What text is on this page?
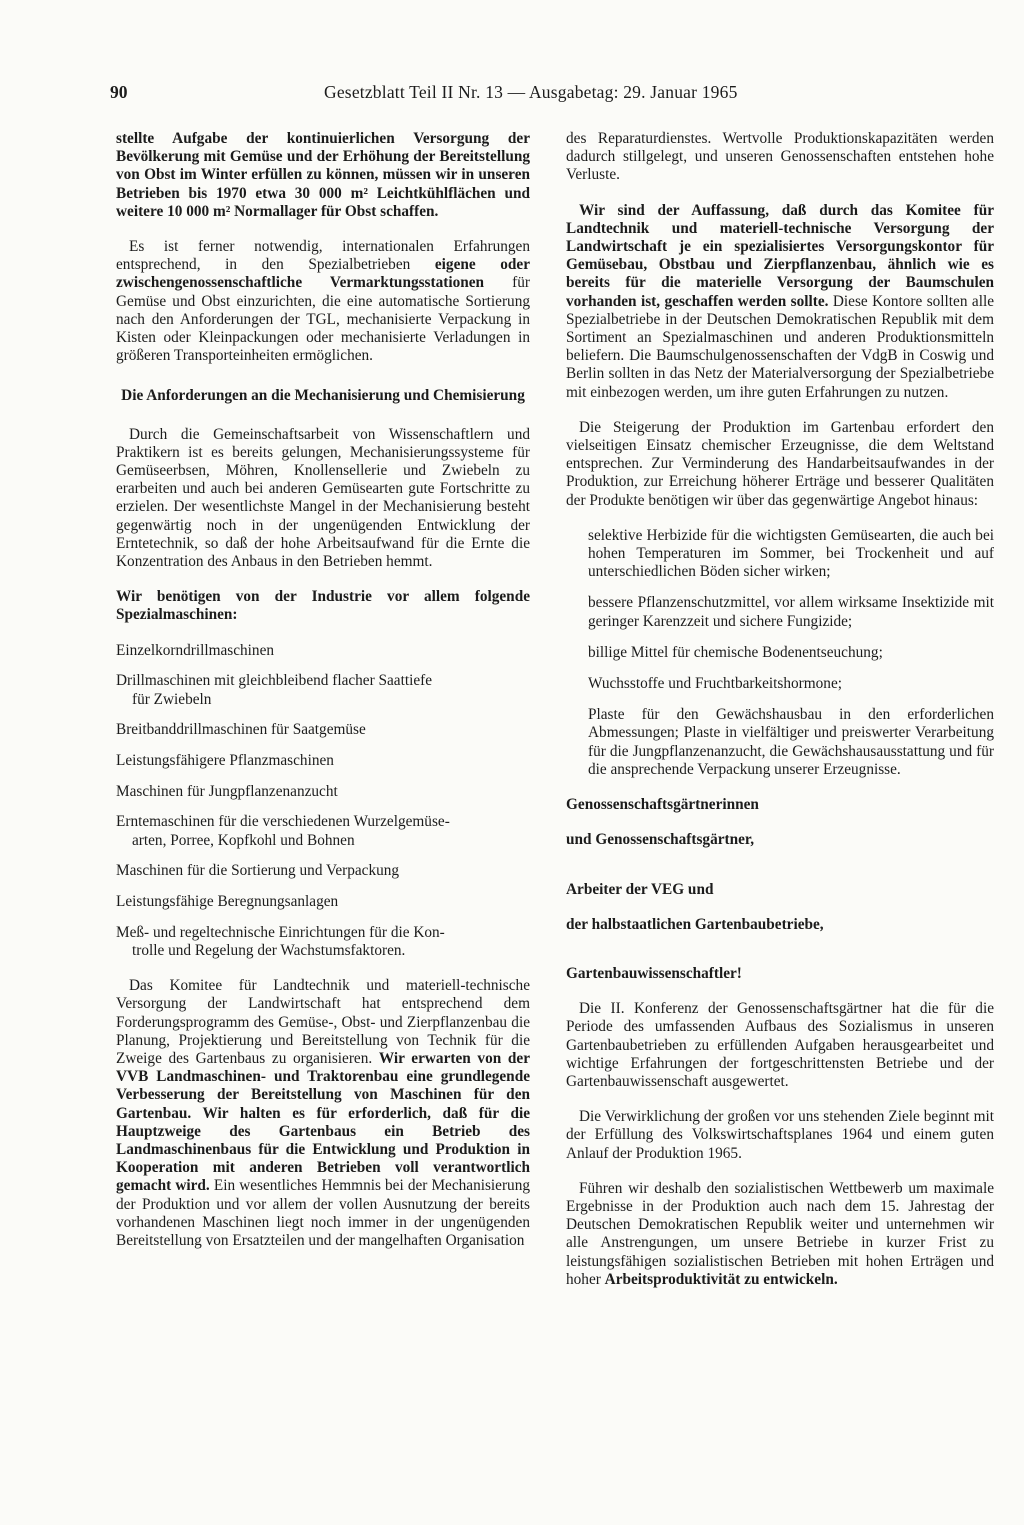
90	Gesetzblatt Teil II Nr. 13 — Ausgabetag: 29. Januar 1965

stellte Aufgabe der kontinuierlichen Versorgung der Bevölkerung mit Gemüse und der Erhöhung der Bereitstellung von Obst im Winter erfüllen zu können, müssen wir in unseren Betrieben bis 1970 etwa 30 000 m² Leichtkühlflächen und weitere 10 000 m² Normallager für Obst schaffen.

Es ist ferner notwendig, internationalen Erfahrungen entsprechend, in den Spezialbetrieben eigene oder zwischengenossenschaftliche Vermarktungsstationen für Gemüse und Obst einzurichten, die eine automatische Sortierung nach den Anforderungen der TGL, mechanisierte Verpackung in Kisten oder Kleinpackungen oder mechanisierte Verladungen in größeren Transporteinheiten ermöglichen.

Die Anforderungen an die Mechanisierung und Chemisierung

Durch die Gemeinschaftsarbeit von Wissenschaftlern und Praktikern ist es bereits gelungen, Mechanisierungssysteme für Gemüseerbsen, Möhren, Knollensellerie und Zwiebeln zu erarbeiten und auch bei anderen Gemüsearten gute Fortschritte zu erzielen. Der wesentlichste Mangel in der Mechanisierung besteht gegenwärtig noch in der ungenügenden Entwicklung der Erntetechnik, so daß der hohe Arbeitsaufwand für die Ernte die Konzentration des Anbaus in den Betrieben hemmt.

Wir benötigen von der Industrie vor allem folgende Spezialmaschinen:

Einzelkorndrillmaschinen
Drillmaschinen mit gleichbleibend flacher Saattiefe
für Zwiebeln
Breitbanddrillmaschinen für Saatgemüse
Leistungsfähigere Pflanzmaschinen
Maschinen für Jungpflanzenanzucht
Erntemaschinen für die verschiedenen Wurzelgemüse-
arten, Porree, Kopfkohl und Bohnen
Maschinen für die Sortierung und Verpackung
Leistungsfähige Beregnungsanlagen
Meß- und regeltechnische Einrichtungen für die Kon-
trolle und Regelung der Wachstumsfaktoren.

Das Komitee für Landtechnik und materiell-technische Versorgung der Landwirtschaft hat entsprechend dem Forderungsprogramm des Gemüse-, Obst- und Zierpflanzenbau die Planung, Projektierung und Bereitstellung von Technik für die Zweige des Gartenbaus zu organisieren. Wir erwarten von der VVB Landmaschinen- und Traktorenbau eine grundlegende Verbesserung der Bereitstellung von Maschinen für den Gartenbau. Wir halten es für erforderlich, daß für die Hauptzweige des Gartenbaus ein Betrieb des Landmaschinenbaus für die Entwicklung und Produktion in Kooperation mit anderen Betrieben voll verantwortlich gemacht wird. Ein wesentliches Hemmnis bei der Mechanisierung der Produktion und vor allem der vollen Ausnutzung der bereits vorhandenen Maschinen liegt noch immer in der ungenügenden Bereitstellung von Ersatzteilen und der mangelhaften Organisation

des Reparaturdienstes. Wertvolle Produktionskapazitäten werden dadurch stillgelegt, und unseren Genossenschaften entstehen hohe Verluste.

Wir sind der Auffassung, daß durch das Komitee für Landtechnik und materiell-technische Versorgung der Landwirtschaft je ein spezialisiertes Versorgungskontor für Gemüsebau, Obstbau und Zierpflanzenbau, ähnlich wie es bereits für die materielle Versorgung der Baumschulen vorhanden ist, geschaffen werden sollte. Diese Kontore sollten alle Spezialbetriebe in der Deutschen Demokratischen Republik mit dem Sortiment an Spezialmaschinen und anderen Produktionsmitteln beliefern. Die Baumschulgenossenschaften der VdgB in Coswig und Berlin sollten in das Netz der Materialversorgung der Spezialbetriebe mit einbezogen werden, um ihre guten Erfahrungen zu nutzen.

Die Steigerung der Produktion im Gartenbau erfordert den vielseitigen Einsatz chemischer Erzeugnisse, die dem Weltstand entsprechen. Zur Verminderung des Handarbeitsaufwandes in der Produktion, zur Erreichung höherer Erträge und besserer Qualitäten der Produkte benötigen wir über das gegenwärtige Angebot hinaus:

selektive Herbizide für die wichtigsten Gemüsearten, die auch bei hohen Temperaturen im Sommer, bei Trockenheit und auf unterschiedlichen Böden sicher wirken;
bessere Pflanzenschutzmittel, vor allem wirksame Insektizide mit geringer Karenzzeit und sichere Fungizide;
billige Mittel für chemische Bodenentseuchung;
Wuchsstoffe und Fruchtbarkeitshormone;
Plaste für den Gewächshausbau in den erforderlichen Abmessungen; Plaste in vielfältiger und preiswerter Verarbeitung für die Jungpflanzenanzucht, die Gewächshausausstattung und für die ansprechende Verpackung unserer Erzeugnisse.

Genossenschaftsgärtnerinnen

und Genossenschaftsgärtner,

Arbeiter der VEG und

der halbstaatlichen Gartenbaubetriebe,

Gartenbauwissenschaftler!

Die II. Konferenz der Genossenschaftsgärtner hat die für die Periode des umfassenden Aufbaus des Sozialismus in unseren Gartenbaubetrieben zu erfüllenden Aufgaben herausgearbeitet und wichtige Erfahrungen der fortgeschrittensten Betriebe und der Gartenbauwissenschaft ausgewertet.

Die Verwirklichung der großen vor uns stehenden Ziele beginnt mit der Erfüllung des Volkswirtschaftsplanes 1964 und einem guten Anlauf der Produktion 1965.

Führen wir deshalb den sozialistischen Wettbewerb um maximale Ergebnisse in der Produktion auch nach dem 15. Jahrestag der Deutschen Demokratischen Republik weiter und unternehmen wir alle Anstrengungen, um unsere Betriebe in kurzer Frist zu leistungsfähigen sozialistischen Betrieben mit hohen Erträgen und hoher Arbeitsproduktivität zu entwickeln.
